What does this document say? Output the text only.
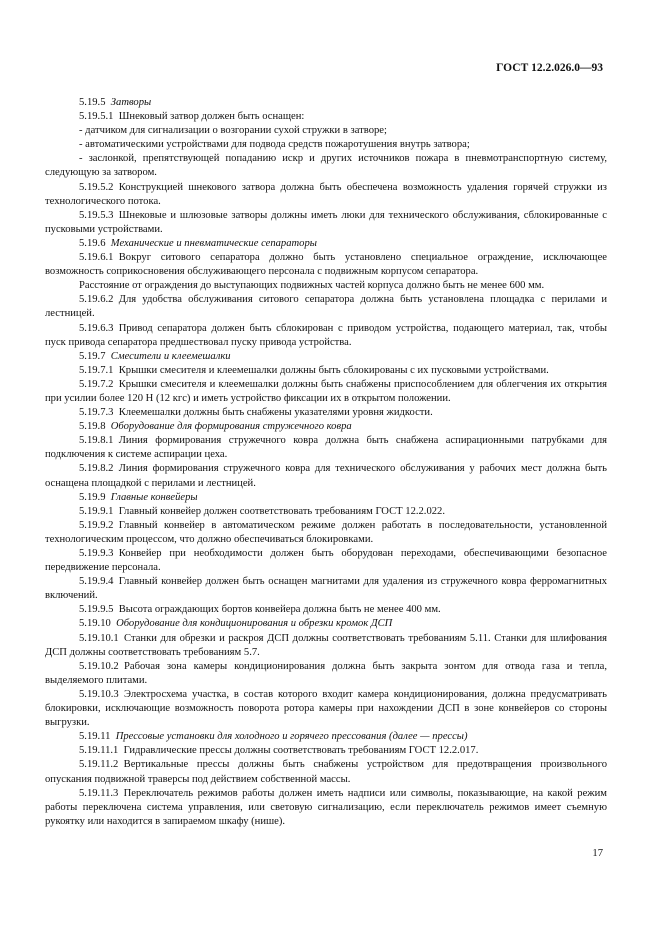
ГОСТ 12.2.026.0—93

5.19.5  Затворы

5.19.5.1  Шнековый затвор должен быть оснащен:

- датчиком для сигнализации о возгорании сухой стружки в затворе;

- автоматическими устройствами для подвода средств пожаротушения внутрь затвора;

- заслонкой, препятствующей попаданию искр и других источников пожара в пневмотранспортную систему, следующую за затвором.

5.19.5.2  Конструкцией шнекового затвора должна быть обеспечена возможность удаления горячей стружки из технологического потока.

5.19.5.3  Шнековые и шлюзовые затворы должны иметь люки для технического обслуживания, сблокированные с пусковыми устройствами.

5.19.6  Механические и пневматические сепараторы

5.19.6.1  Вокруг ситового сепаратора должно быть установлено специальное ограждение, исключающее возможность соприкосновения обслуживающего персонала с подвижным корпусом сепаратора.

Расстояние от ограждения до выступающих подвижных частей корпуса должно быть не менее 600 мм.

5.19.6.2  Для удобства обслуживания ситового сепаратора должна быть установлена площадка с перилами и лестницей.

5.19.6.3  Привод сепаратора должен быть сблокирован с приводом устройства, подающего материал, так, чтобы пуск привода сепаратора предшествовал пуску привода устройства.

5.19.7  Смесители и клеемешалки

5.19.7.1  Крышки смесителя и клеемешалки должны быть сблокированы с их пусковыми устройствами.

5.19.7.2  Крышки смесителя и клеемешалки должны быть снабжены приспособлением для облегчения их открытия при усилии более 120 Н (12 кгс) и иметь устройство фиксации их в открытом положении.

5.19.7.3  Клеемешалки должны быть снабжены указателями уровня жидкости.

5.19.8  Оборудование для формирования стружечного ковра

5.19.8.1  Линия формирования стружечного ковра должна быть снабжена аспирационными патрубками для подключения к системе аспирации цеха.

5.19.8.2  Линия формирования стружечного ковра для технического обслуживания у рабочих мест должна быть оснащена площадкой с перилами и лестницей.

5.19.9  Главные конвейеры

5.19.9.1  Главный конвейер должен соответствовать требованиям ГОСТ 12.2.022.

5.19.9.2  Главный конвейер в автоматическом режиме должен работать в последовательности, установленной технологическим процессом, что должно обеспечиваться блокировками.

5.19.9.3  Конвейер при необходимости должен быть оборудован переходами, обеспечивающими безопасное передвижение персонала.

5.19.9.4  Главный конвейер должен быть оснащен магнитами для удаления из стружечного ковра ферромагнитных включений.

5.19.9.5  Высота ограждающих бортов конвейера должна быть не менее 400 мм.

5.19.10  Оборудование для кондиционирования и обрезки кромок ДСП

5.19.10.1  Станки для обрезки и раскроя ДСП должны соответствовать требованиям 5.11. Станки для шлифования ДСП должны соответствовать требованиям 5.7.

5.19.10.2  Рабочая зона камеры кондиционирования должна быть закрыта зонтом для отвода газа и тепла, выделяемого плитами.

5.19.10.3  Электросхема участка, в состав которого входит камера кондиционирования, должна предусматривать блокировки, исключающие возможность поворота ротора камеры при нахождении ДСП в зоне конвейеров со стороны выгрузки.

5.19.11  Прессовые установки для холодного и горячего прессования (далее — прессы)

5.19.11.1  Гидравлические прессы должны соответствовать требованиям ГОСТ 12.2.017.

5.19.11.2  Вертикальные прессы должны быть снабжены устройством для предотвращения произвольного опускания подвижной траверсы под действием собственной массы.

5.19.11.3  Переключатель режимов работы должен иметь надписи или символы, показывающие, на какой режим работы переключена система управления, или световую сигнализацию, если переключатель режимов имеет съемную рукоятку или находится в запираемом шкафу (нише).

17
